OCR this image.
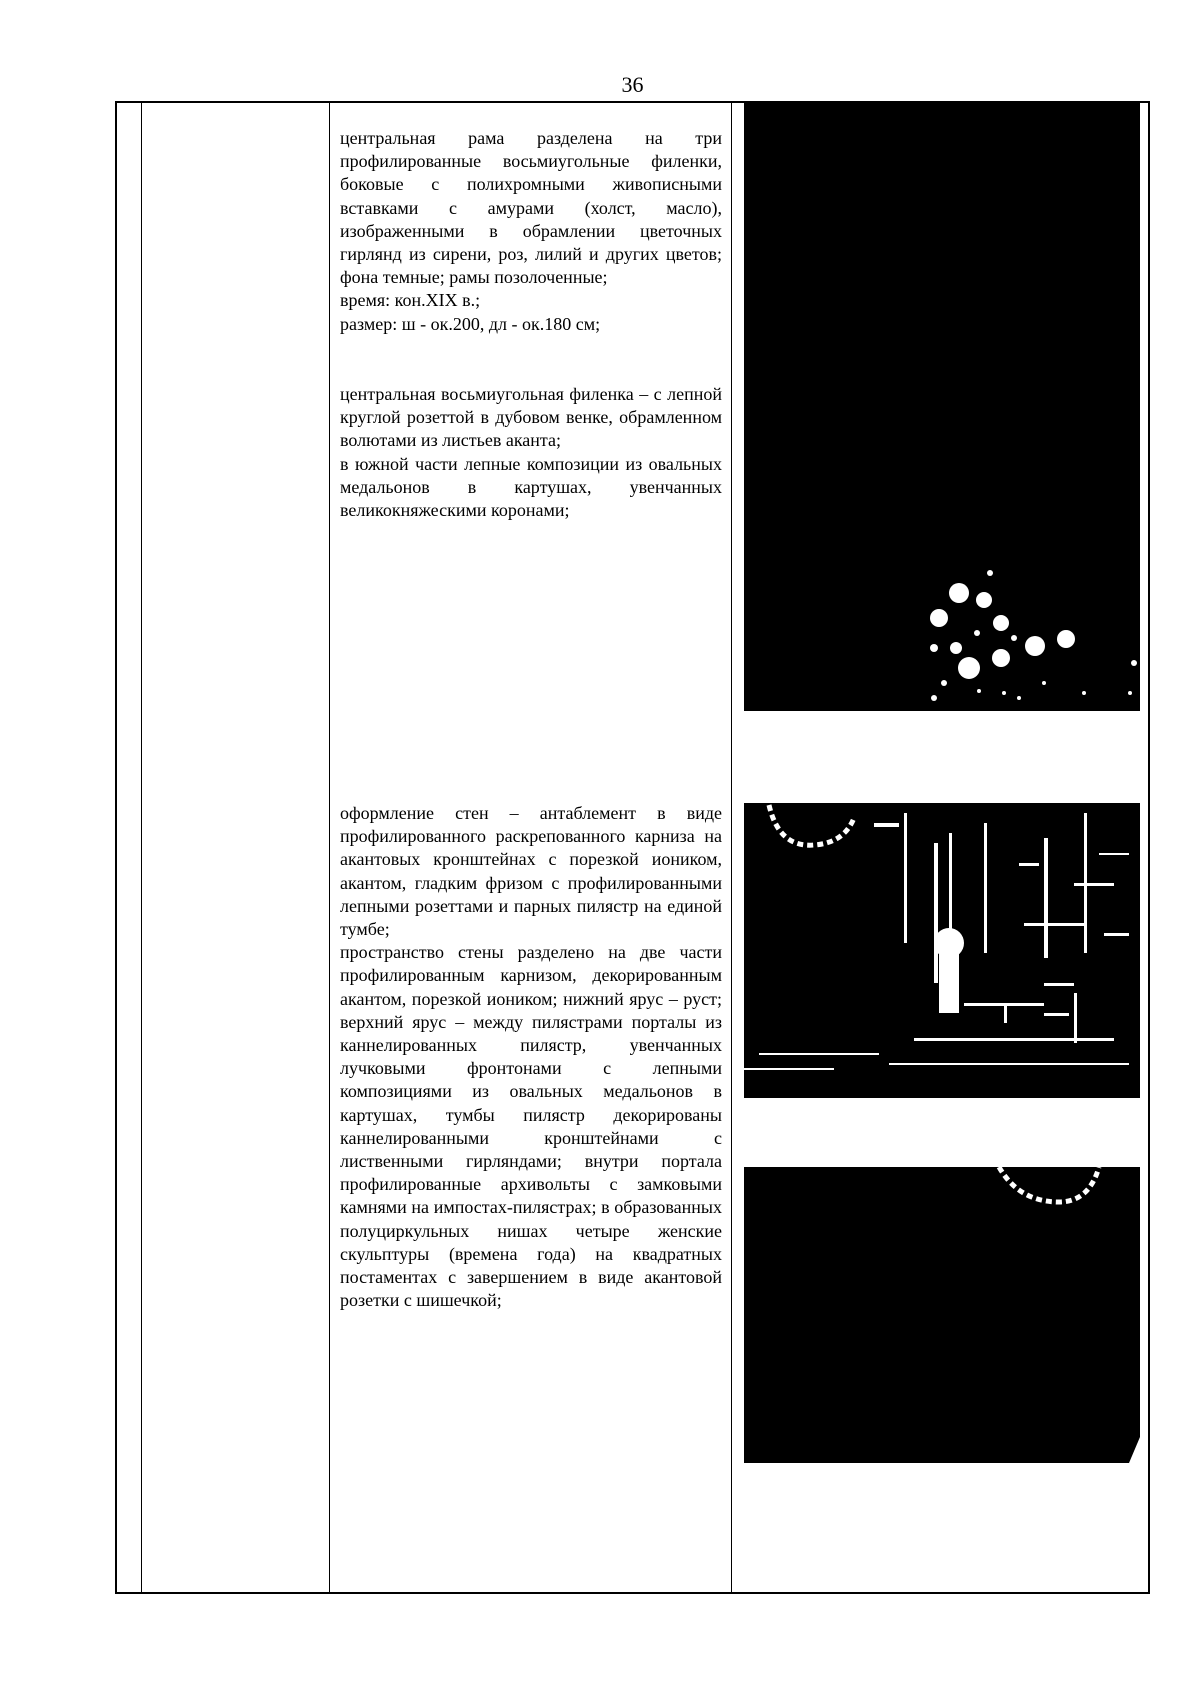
36

центральная рама разделена на три профилированные восьмиугольные филенки, боковые с полихромными живописными вставками с амурами (холст, масло), изображенными в обрамлении цветочных гирлянд из сирени, роз, лилий и других цветов; фона темные; рамы позолоченные;

время: кон.XIX в.;

размер: ш - ок.200, дл - ок.180 см;

центральная восьмиугольная филенка – с лепной круглой розеттой в дубовом венке, обрамленном волютами из листьев аканта;

в южной части лепные композиции из овальных медальонов в картушах, увенчанных великокняжескими коронами;

оформление стен – антаблемент в виде профилированного раскрепованного карниза на акантовых кронштейнах с порезкой иоником, акантом, гладким фризом с профилированными лепными розеттами и парных пилястр на единой тумбе;

пространство стены разделено на две части профилированным карнизом, декорированным акантом, порезкой иоником; нижний ярус – руст; верхний ярус – между пилястрами порталы из каннелированных пилястр, увенчанных лучковыми фронтонами с лепными композициями из овальных медальонов в картушах, тумбы пилястр декорированы каннелированными кронштейнами с лиственными гирляндами; внутри портала профилированные архивольты с замковыми камнями на импостах-пилястрах; в образованных полуциркульных нишах четыре женские скульптуры (времена года) на квадратных постаментах с завершением в виде акантовой розетки с шишечкой;
